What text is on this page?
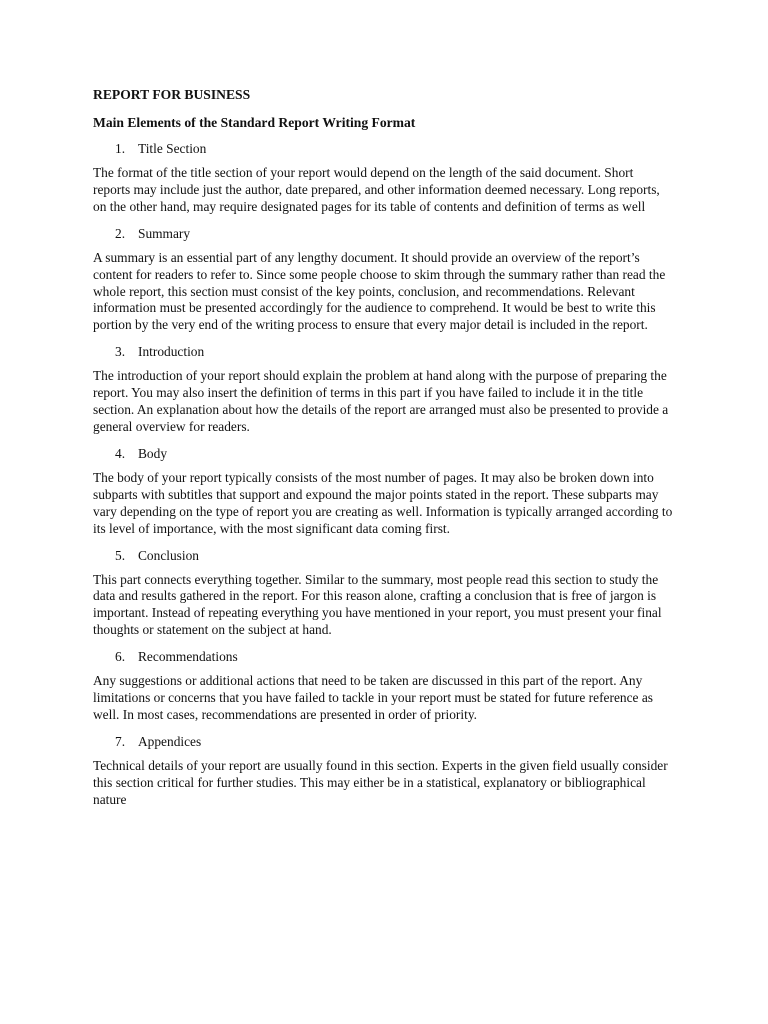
REPORT FOR BUSINESS
Main Elements of the Standard Report Writing Format
1. Title Section
The format of the title section of your report would depend on the length of the said document. Short reports may include just the author, date prepared, and other information deemed necessary. Long reports, on the other hand, may require designated pages for its table of contents and definition of terms as well
2. Summary
A summary is an essential part of any lengthy document. It should provide an overview of the report’s content for readers to refer to. Since some people choose to skim through the summary rather than read the whole report, this section must consist of the key points, conclusion, and recommendations. Relevant information must be presented accordingly for the audience to comprehend. It would be best to write this portion by the very end of the writing process to ensure that every major detail is included in the report.
3. Introduction
The introduction of your report should explain the problem at hand along with the purpose of preparing the report. You may also insert the definition of terms in this part if you have failed to include it in the title section. An explanation about how the details of the report are arranged must also be presented to provide a general overview for readers.
4. Body
The body of your report typically consists of the most number of pages. It may also be broken down into subparts with subtitles that support and expound the major points stated in the report. These subparts may vary depending on the type of report you are creating as well. Information is typically arranged according to its level of importance, with the most significant data coming first.
5. Conclusion
This part connects everything together. Similar to the summary, most people read this section to study the data and results gathered in the report. For this reason alone, crafting a conclusion that is free of jargon is important. Instead of repeating everything you have mentioned in your report, you must present your final thoughts or statement on the subject at hand.
6. Recommendations
Any suggestions or additional actions that need to be taken are discussed in this part of the report. Any limitations or concerns that you have failed to tackle in your report must be stated for future reference as well. In most cases, recommendations are presented in order of priority.
7. Appendices
Technical details of your report are usually found in this section. Experts in the given field usually consider this section critical for further studies. This may either be in a statistical, explanatory or bibliographical nature
